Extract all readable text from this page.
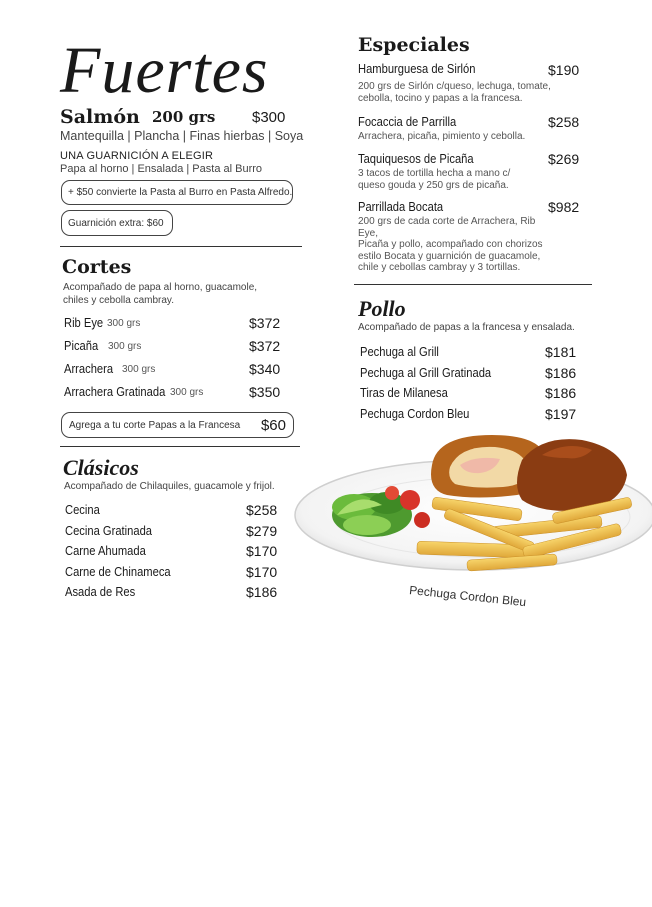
Fuertes
Salmón 200 grs $300
Mantequilla | Plancha | Finas hierbas | Soya
UNA GUARNICIÓN A ELEGIR
Papa al horno | Ensalada | Pasta al Burro
+ $50 convierte la Pasta al Burro en Pasta Alfredo.
Guarnición extra: $60
Cortes
Acompañado de papa al horno, guacamole,
chiles y cebolla cambray.
Rib Eye 300 grs	$372
Picaña 300 grs	$372
Arrachera 300 grs	$340
Arrachera Gratinada 300 grs	$350
Agrega a tu corte Papas a la Francesa $60
Clásicos
Acompañado de Chilaquiles, guacamole y frijol.
Cecina	$258
Cecina Gratinada	$279
Carne Ahumada	$170
Carne de Chinameca	$170
Asada de Res	$186
Especiales
Hamburguesa de Sirlón	$190
200 grs de Sirlón c/queso, lechuga, tomate,
cebolla, tocino y papas a la francesa.
Focaccia de Parrilla	$258
Arrachera, picaña, pimiento y cebolla.
Taquiquesos de Picaña	$269
3 tacos de tortilla hecha a mano c/
queso gouda y 250 grs de picaña.
Parrillada Bocata	$982
200 grs de cada corte de Arrachera, Rib Eye,
Picaña y pollo, acompañado con chorizos
estilo Bocata y guarnición de guacamole,
chile y cebollas cambray y 3 tortillas.
Pollo
Acompañado de papas a la francesa y ensalada.
Pechuga al Grill	$181
Pechuga al Grill Gratinada	$186
Tiras de Milanesa	$186
Pechuga Cordon Bleu	$197
Pechuga Cordon Bleu
